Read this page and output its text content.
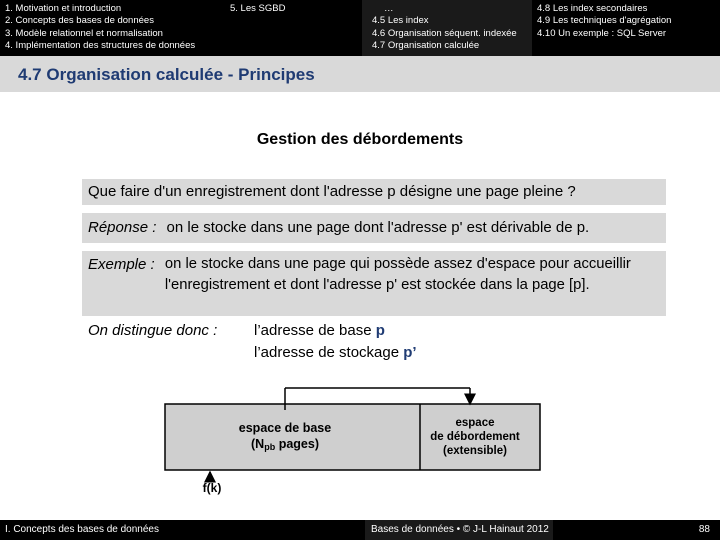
1. Motivation et introduction
2. Concepts des bases de données
3. Modèle relationnel et normalisation
4. Implémentation des structures de données
5. Les SGBD	…
4.5 Les index
4.6 Organisation séquent. indexée
4.7 Organisation calculée
4.8 Les index secondaires
4.9 Les techniques d'agrégation
4.10 Un exemple : SQL Server
4.7 Organisation calculée - Principes
Gestion des débordements
Que faire d'un enregistrement dont l'adresse p désigne une page pleine ?
Réponse : on le stocke dans une page dont l'adresse p' est dérivable de p.
Exemple : on le stocke dans une page qui possède assez d'espace pour accueillir l'enregistrement et dont l'adresse p' est stockée dans la page [p].
On distingue donc :	l’adresse de base p
l’adresse de stockage p’
espace de base
(Npb pages)
espace
de débordement
(extensible)
f(k)
I. Concepts des bases de données	Bases de données • © J-L Hainaut 2012	88
